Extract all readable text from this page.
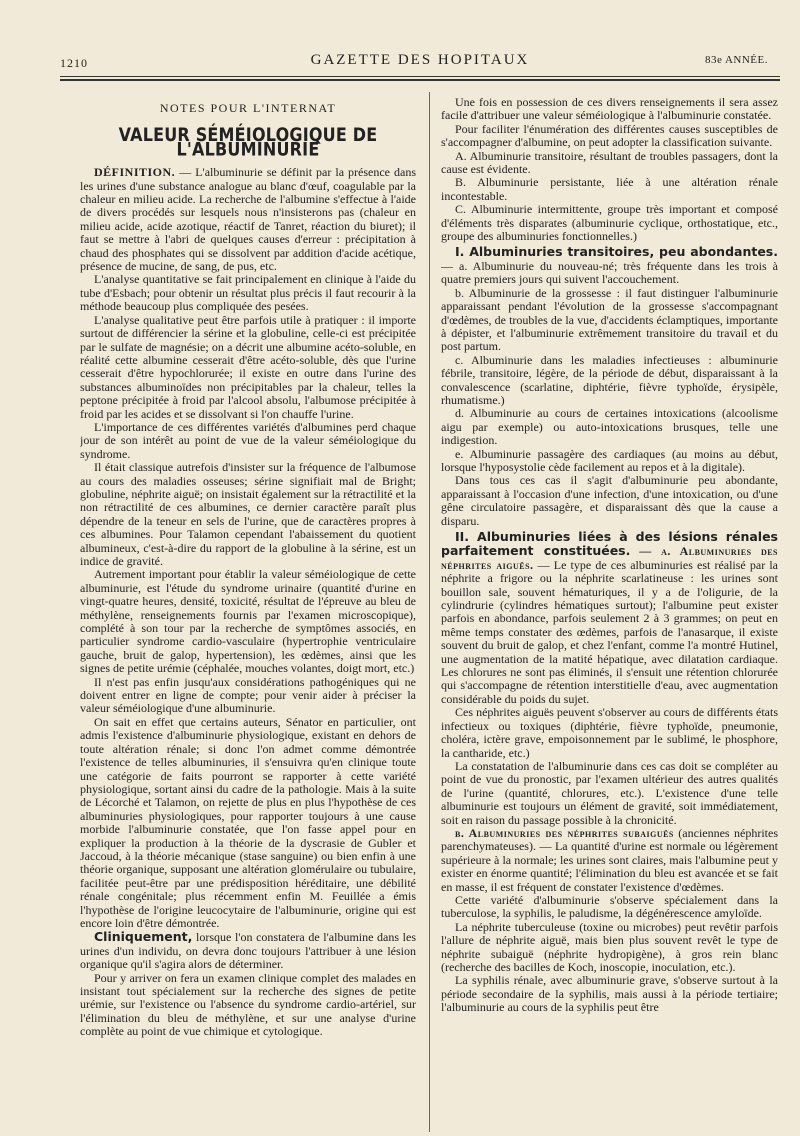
1210	GAZETTE DES HOPITAUX	83e ANNÉE.
NOTES POUR L'INTERNAT
VALEUR SÉMÉIOLOGIQUE DE L'ALBUMINURIE

DÉFINITION. — L'albuminurie se définit par la présence dans les urines d'une substance analogue au blanc d'œuf, coagulable par la chaleur en milieu acide. La recherche de l'albumine s'effectue à l'aide de divers procédés sur lesquels nous n'insisterons pas (chaleur en milieu acide, acide azotique, réactif de Tanret, réaction du biuret); il faut se mettre à l'abri de quelques causes d'erreur : précipitation à chaud des phosphates qui se dissolvent par addition d'acide acétique, présence de mucine, de sang, de pus, etc.

L'analyse quantitative se fait principalement en clinique à l'aide du tube d'Esbach; pour obtenir un résultat plus précis il faut recourir à la méthode beaucoup plus compliquée des pesées.

L'analyse qualitative peut être parfois utile à pratiquer : il importe surtout de différencier la sérine et la globuline, celle-ci est précipitée par le sulfate de magnésie; on a décrit une albumine acéto-soluble, en réalité cette albumine cesserait d'être acéto-soluble, dès que l'urine cesserait d'être hypochlorurée; il existe en outre dans l'urine des substances albuminoïdes non précipitables par la chaleur, telles la peptone précipitée à froid par l'alcool absolu, l'albumose précipitée à froid par les acides et se dissolvant si l'on chauffe l'urine.

L'importance de ces différentes variétés d'albumines perd chaque jour de son intérêt au point de vue de la valeur séméiologique du syndrome.

Il était classique autrefois d'insister sur la fréquence de l'albumose au cours des maladies osseuses; sérine signifiait mal de Bright; globuline, néphrite aiguë; on insistait également sur la rétractilité et la non rétractilité de ces albumines, ce dernier caractère paraît plus dépendre de la teneur en sels de l'urine, que de caractères propres à ces albumines. Pour Talamon cependant l'abaissement du quotient albumineux, c'est-à-dire du rapport de la globuline à la sérine, est un indice de gravité.

Autrement important pour établir la valeur séméiologique de cette albuminurie, est l'étude du syndrome urinaire (quantité d'urine en vingt-quatre heures, densité, toxicité, résultat de l'épreuve au bleu de méthylène, renseignements fournis par l'examen microscopique), complété à son tour par la recherche de symptômes associés, en particulier syndrome cardio-vasculaire (hypertrophie ventriculaire gauche, bruit de galop, hypertension), les œdèmes, ainsi que les signes de petite urémie (céphalée, mouches volantes, doigt mort, etc.)

Il n'est pas enfin jusqu'aux considérations pathogéniques qui ne doivent entrer en ligne de compte; pour venir aider à préciser la valeur séméiologique d'une albuminurie.

On sait en effet que certains auteurs, Sénator en particulier, ont admis l'existence d'albuminurie physiologique, existant en dehors de toute altération rénale; si donc l'on admet comme démontrée l'existence de telles albuminuries, il s'ensuivra qu'en clinique toute une catégorie de faits pourront se rapporter à cette variété physiologique, sortant ainsi du cadre de la pathologie. Mais à la suite de Lécorché et Talamon, on rejette de plus en plus l'hypothèse de ces albuminuries physiologiques, pour rapporter toujours à une cause morbide l'albuminurie constatée, que l'on fasse appel pour en expliquer la production à la théorie de la dyscrasie de Gubler et Jaccoud, à la théorie mécanique (stase sanguine) ou bien enfin à une théorie organique, supposant une altération glomérulaire ou tubulaire, facilitée peut-être par une prédisposition héréditaire, une débilité rénale congénitale; plus récemment enfin M. Feuillée a émis l'hypothèse de l'origine leucocytaire de l'albuminurie, origine qui est encore loin d'être démontrée.

Cliniquement, lorsque l'on constatera de l'albumine dans les urines d'un individu, on devra donc toujours l'attribuer à une lésion organique qu'il s'agira alors de déterminer.

Pour y arriver on fera un examen clinique complet des malades en insistant tout spécialement sur la recherche des signes de petite urémie, sur l'existence ou l'absence du syndrome cardio-artériel, sur l'élimination du bleu de méthylène, et sur une analyse d'urine complète au point de vue chimique et cytologique.

Une fois en possession de ces divers renseignements il sera assez facile d'attribuer une valeur séméiologique à l'albuminurie constatée.

Pour faciliter l'énumération des différentes causes susceptibles de s'accompagner d'albumine, on peut adopter la classification suivante.

A. Albuminurie transitoire, résultant de troubles passagers, dont la cause est évidente.

B. Albuminurie persistante, liée à une altération rénale incontestable.

C. Albuminurie intermittente, groupe très important et composé d'éléments très disparates (albuminurie cyclique, orthostatique, etc., groupe des albuminuries fonctionnelles.)

I. Albuminuries transitoires, peu abondantes. — a. Albuminurie du nouveau-né; très fréquente dans les trois à quatre premiers jours qui suivent l'accouchement.

b. Albuminurie de la grossesse : il faut distinguer l'albuminurie apparaissant pendant l'évolution de la grossesse s'accompagnant d'œdèmes, de troubles de la vue, d'accidents éclamptiques, importante à dépister, et l'albuminurie extrêmement transitoire du travail et du post partum.

c. Albuminurie dans les maladies infectieuses : albuminurie fébrile, transitoire, légère, de la période de début, disparaissant à la convalescence (scarlatine, diphtérie, fièvre typhoïde, érysipèle, rhumatisme.)

d. Albuminurie au cours de certaines intoxications (alcoolisme aigu par exemple) ou auto-intoxications brusques, telle une indigestion.

e. Albuminurie passagère des cardiaques (au moins au début, lorsque l'hyposystolie cède facilement au repos et à la digitale).

Dans tous ces cas il s'agit d'albuminurie peu abondante, apparaissant à l'occasion d'une infection, d'une intoxication, ou d'une gêne circulatoire passagère, et disparaissant dès que la cause a disparu.

II. Albuminuries liées à des lésions rénales parfaitement constituées. — a. Albuminuries des néphrites aiguës. — Le type de ces albuminuries est réalisé par la néphrite a frigore ou la néphrite scarlatineuse : les urines sont bouillon sale, souvent hématuriques, il y a de l'oligurie, de la cylindrurie (cylindres hématiques surtout); l'albumine peut exister parfois en abondance, parfois seulement 2 à 3 grammes; on peut en même temps constater des œdèmes, parfois de l'anasarque, il existe souvent du bruit de galop, et chez l'enfant, comme l'a montré Hutinel, une augmentation de la matité hépatique, avec dilatation cardiaque. Les chlorures ne sont pas éliminés, il s'ensuit une rétention chlorurée qui s'accompagne de rétention interstitielle d'eau, avec augmentation considérable du poids du sujet.

Ces néphrites aiguës peuvent s'observer au cours de différents états infectieux ou toxiques (diphtérie, fièvre typhoïde, pneumonie, choléra, ictère grave, empoisonnement par le sublimé, le phosphore, la cantharide, etc.)

La constatation de l'albuminurie dans ces cas doit se compléter au point de vue du pronostic, par l'examen ultérieur des autres qualités de l'urine (quantité, chlorures, etc.). L'existence d'une telle albuminurie est toujours un élément de gravité, soit immédiatement, soit en raison du passage possible à la chronicité.

b. Albuminuries des néphrites subaiguës (anciennes néphrites parenchymateuses). — La quantité d'urine est normale ou légèrement supérieure à la normale; les urines sont claires, mais l'albumine peut y exister en énorme quantité; l'élimination du bleu est avancée et se fait en masse, il est fréquent de constater l'existence d'œdèmes.

Cette variété d'albuminurie s'observe spécialement dans la tuberculose, la syphilis, le paludisme, la dégénérescence amyloïde.

La néphrite tuberculeuse (toxine ou microbes) peut revêtir parfois l'allure de néphrite aiguë, mais bien plus souvent revêt le type de néphrite subaiguë (néphrite hydropigène), à gros rein blanc (recherche des bacilles de Koch, inoscopie, inoculation, etc.).

La syphilis rénale, avec albuminurie grave, s'observe surtout à la période secondaire de la syphilis, mais aussi à la période tertiaire; l'albuminurie au cours de la syphilis peut être
